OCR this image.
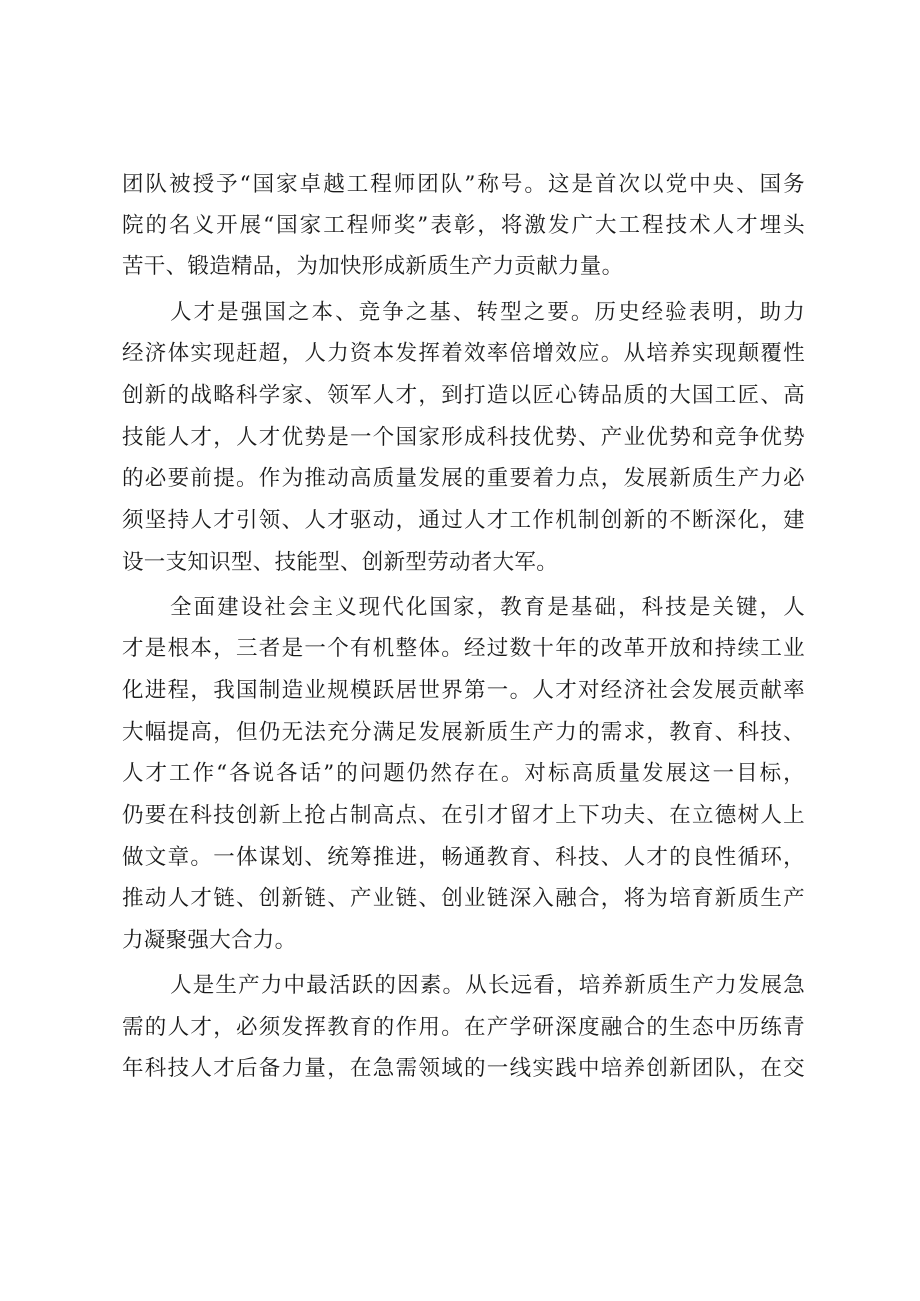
团队被授予“国家卓越工程师团队”称号。这是首次以党中央、国务
院的名义开展“国家工程师奖”表彰，将激发广大工程技术人才埋头
苦干、锻造精品，为加快形成新质生产力贡献力量。
人才是强国之本、竞争之基、转型之要。历史经验表明，助力
经济体实现赶超，人力资本发挥着效率倍增效应。从培养实现颠覆性
创新的战略科学家、领军人才，到打造以匠心铸品质的大国工匠、高
技能人才，人才优势是一个国家形成科技优势、产业优势和竞争优势
的必要前提。作为推动高质量发展的重要着力点，发展新质生产力必
须坚持人才引领、人才驱动，通过人才工作机制创新的不断深化，建
设一支知识型、技能型、创新型劳动者大军。
全面建设社会主义现代化国家，教育是基础，科技是关键，人
才是根本，三者是一个有机整体。经过数十年的改革开放和持续工业
化进程，我国制造业规模跃居世界第一。人才对经济社会发展贡献率
大幅提高，但仍无法充分满足发展新质生产力的需求，教育、科技、
人才工作“各说各话”的问题仍然存在。对标高质量发展这一目标，
仍要在科技创新上抢占制高点、在引才留才上下功夫、在立德树人上
做文章。一体谋划、统筹推进，畅通教育、科技、人才的良性循环，
推动人才链、创新链、产业链、创业链深入融合，将为培育新质生产
力凝聚强大合力。
人是生产力中最活跃的因素。从长远看，培养新质生产力发展急
需的人才，必须发挥教育的作用。在产学研深度融合的生态中历练青
年科技人才后备力量，在急需领域的一线实践中培养创新团队，在交
